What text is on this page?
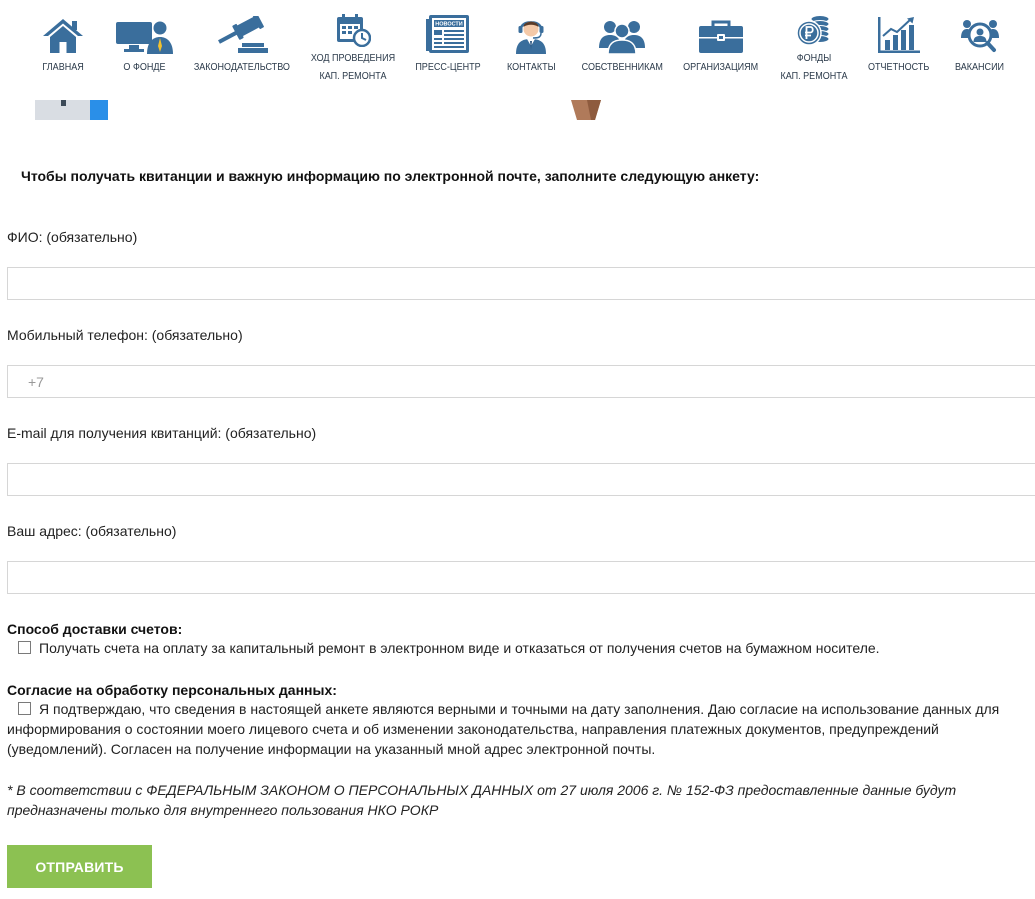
ГЛАВНАЯ	О ФОНДЕ	ЗАКОНОДАТЕЛЬСТВО
ХОД ПРОВЕДЕНИЯ
КАП. РЕМОНТА
НОВОСТИ
ПРЕСС-ЦЕНТР КОНТАКТЫ СОБСТВЕННИКАМ ОРГАНИЗАЦИЯМ
ФОНДЫ
КАП. РЕМОНТА
ОТЧЕТНОСТЬ ВАКАНСИИ
Чтобы получать квитанции и важную информацию по электронной почте, заполните следующую анкету:
ФИО: (обязательно)
Мобильный телефон: (обязательно)
+7
E-mail для получения квитанций: (обязательно)
Ваш адрес: (обязательно)
Способ доставки счетов:
Получать счета на оплату за капитальный ремонт в электронном виде и отказаться от получения счетов на бумажном носителе.
Согласие на обработку персональных данных:
Я подтверждаю, что сведения в настоящей анкете являются верными и точными на дату заполнения. Даю согласие на использование данных для информирования о состоянии моего лицевого счета и об изменении законодательства, направления платежных документов, предупреждений (уведомлений). Согласен на получение информации на указанный мной адрес электронной почты.
* В соответствии с ФЕДЕРАЛЬНЫМ ЗАКОНОМ О ПЕРСОНАЛЬНЫХ ДАННЫХ от 27 июля 2006 г. № 152-ФЗ предоставленные данные будут предназначены только для внутреннего пользования НКО РОКР
ОТПРАВИТЬ
